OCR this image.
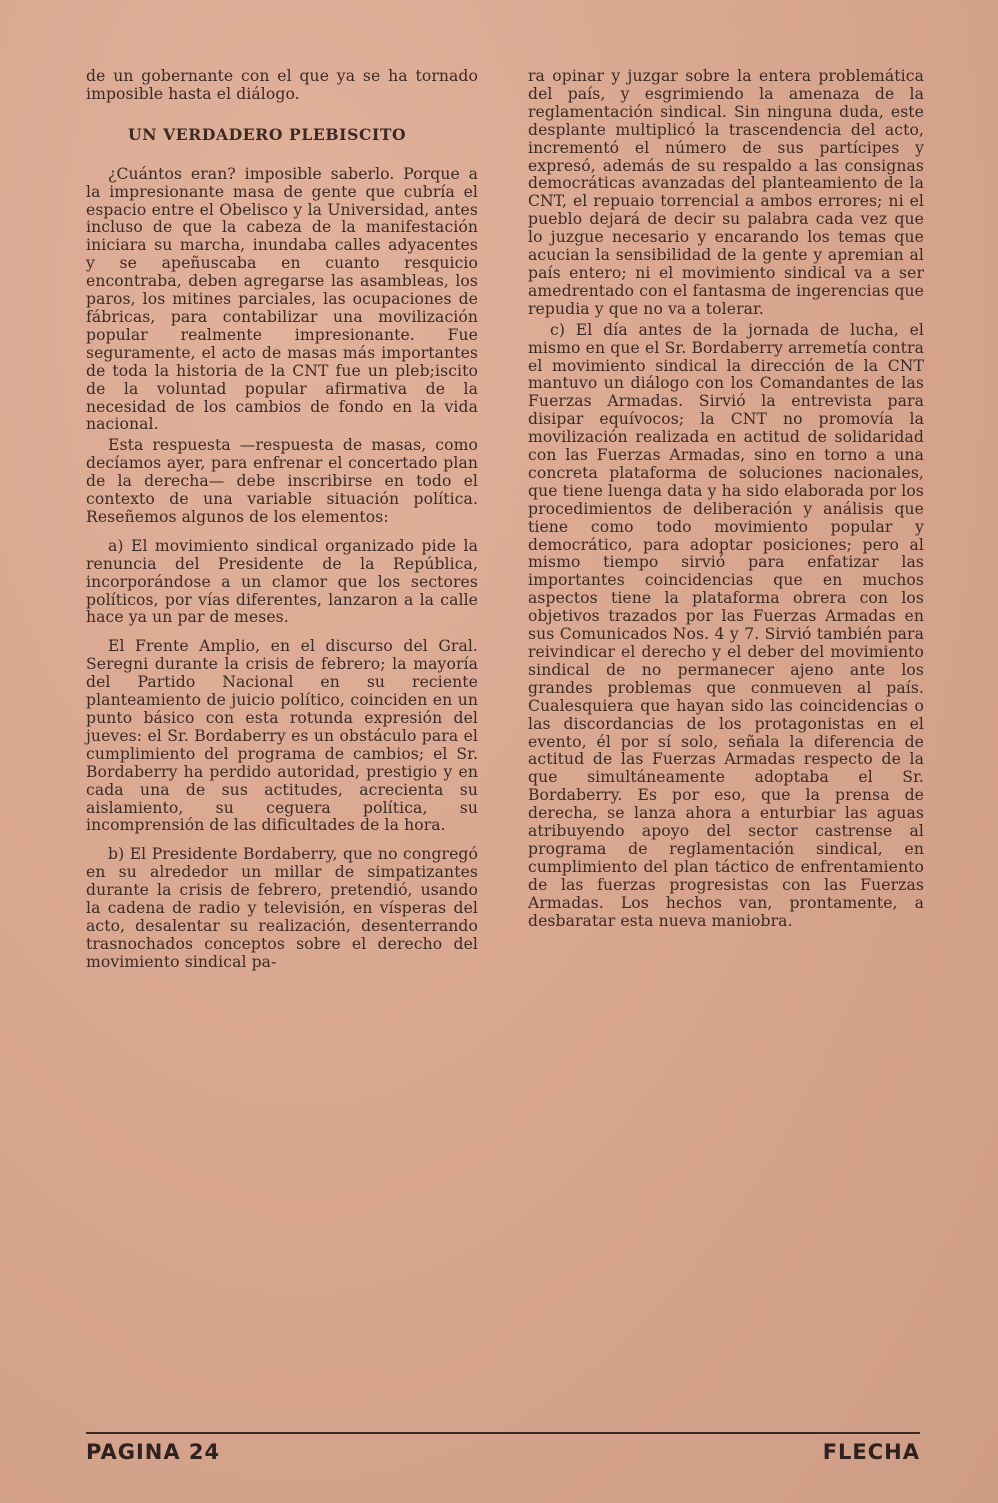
de un gobernante con el que ya se ha tornado imposible hasta el diálogo.

UN VERDADERO PLEBISCITO

¿Cuántos eran? imposible saberlo. Porque a la impresionante masa de gente que cubría el espacio entre el Obelisco y la Universidad, antes incluso de que la cabeza de la manifestación iniciara su marcha, inundaba calles adyacentes y se apeñuscaba en cuanto resquicio encontraba, deben agregarse las asambleas, los paros, los mitines parciales, las ocupaciones de fábricas, para contabilizar una movilización popular realmente impresionante. Fue seguramente, el acto de masas más importantes de toda la historia de la CNT fue un pleb;iscito de la voluntad popular afirmativa de la necesidad de los cambios de fondo en la vida nacional.

Esta respuesta —respuesta de masas, como decíamos ayer, para enfrenar el concertado plan de la derecha— debe inscribirse en todo el contexto de una variable situación política. Reseñemos algunos de los elementos:

a) El movimiento sindical organizado pide la renuncia del Presidente de la República, incorporándose a un clamor que los sectores políticos, por vías diferentes, lanzaron a la calle hace ya un par de meses.

El Frente Amplio, en el discurso del Gral. Seregni durante la crisis de febrero; la mayoría del Partido Nacional en su reciente planteamiento de juicio político, coinciden en un punto básico con esta rotunda expresión del jueves: el Sr. Bordaberry es un obstáculo para el cumplimiento del programa de cambios; el Sr. Bordaberry ha perdido autoridad, prestigio y en cada una de sus actitudes, acrecienta su aislamiento, su ceguera política, su incomprensión de las dificultades de la hora.

b) El Presidente Bordaberry, que no congregó en su alrededor un millar de simpatizantes durante la crisis de febrero, pretendió, usando la cadena de radio y televisión, en vísperas del acto, desalentar su realización, desenterrando trasnochados conceptos sobre el derecho del movimiento sindical pa-

ra opinar y juzgar sobre la entera problemática del país, y esgrimiendo la amenaza de la reglamentación sindical. Sin ninguna duda, este desplante multiplicó la trascendencia del acto, incrementó el número de sus partícipes y expresó, además de su respaldo a las consignas democráticas avanzadas del planteamiento de la CNT, el repuaio torrencial a ambos errores; ni el pueblo dejará de decir su palabra cada vez que lo juzgue necesario y encarando los temas que acucian la sensibilidad de la gente y apremian al país entero; ni el movimiento sindical va a ser amedrentado con el fantasma de ingerencias que repudia y que no va a tolerar.

c) El día antes de la jornada de lucha, el mismo en que el Sr. Bordaberry arremetía contra el movimiento sindical la dirección de la CNT mantuvo un diálogo con los Comandantes de las Fuerzas Armadas. Sirvió la entrevista para disipar equívocos; la CNT no promovía la movilización realizada en actitud de solidaridad con las Fuerzas Armadas, sino en torno a una concreta plataforma de soluciones nacionales, que tiene luenga data y ha sido elaborada por los procedimientos de deliberación y análisis que tiene como todo movimiento popular y democrático, para adoptar posiciones; pero al mismo tiempo sirvió para enfatizar las importantes coincidencias que en muchos aspectos tiene la plataforma obrera con los objetivos trazados por las Fuerzas Armadas en sus Comunicados Nos. 4 y 7. Sirvió también para reivindicar el derecho y el deber del movimiento sindical de no permanecer ajeno ante los grandes problemas que conmueven al país. Cualesquiera que hayan sido las coincidencias o las discordancias de los protagonistas en el evento, él por sí solo, señala la diferencia de actitud de las Fuerzas Armadas respecto de la que simultáneamente adoptaba el Sr. Bordaberry. Es por eso, que la prensa de derecha, se lanza ahora a enturbiar las aguas atribuyendo apoyo del sector castrense al programa de reglamentación sindical, en cumplimiento del plan táctico de enfrentamiento de las fuerzas progresistas con las Fuerzas Armadas. Los hechos van, prontamente, a desbaratar esta nueva maniobra.

PAGINA 24	FLECHA
